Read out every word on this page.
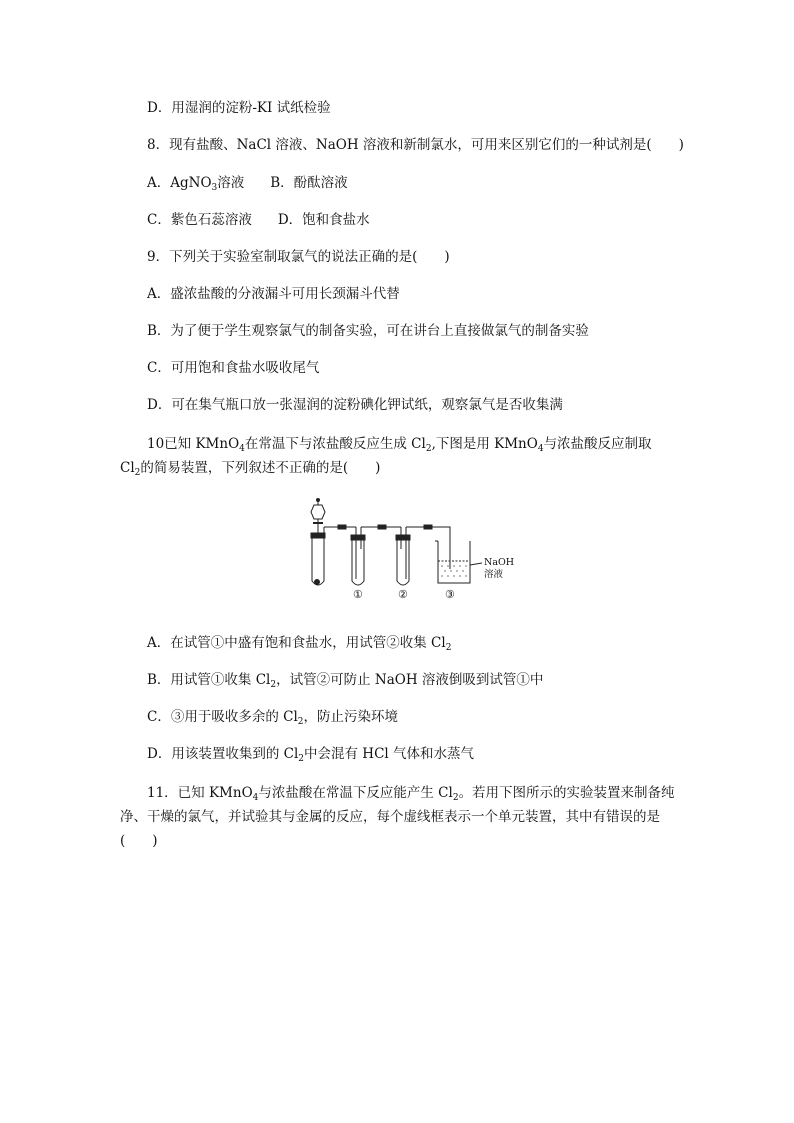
D．用湿润的淀粉-KI 试纸检验
8．现有盐酸、NaCl 溶液、NaOH 溶液和新制氯水，可用来区别它们的一种试剂是(　　)
A．AgNO$_3$溶液 B．酚酞溶液
C．紫色石蕊溶液 D．饱和食盐水
9．下列关于实验室制取氯气的说法正确的是(　　)
A．盛浓盐酸的分液漏斗可用长颈漏斗代替
B．为了便于学生观察氯气的制备实验，可在讲台上直接做氯气的制备实验
C．可用饱和食盐水吸收尾气
D．可在集气瓶口放一张湿润的淀粉碘化钾试纸，观察氯气是否收集满
10已知 KMnO$_4$在常温下与浓盐酸反应生成 $Cl_2$,下图是用 KMnO$_4$与浓盐酸反应制取 $Cl_2$的简易装置，下列叙述不正确的是(　　)
①	②	③
NaOH
溶液
A．在试管①中盛有饱和食盐水，用试管②收集 $Cl_2$
B．用试管①收集 $Cl_2$，试管②可防止 NaOH 溶液倒吸到试管①中
C．③用于吸收多余的 $Cl_2$，防止污染环境
D．用该装置收集到的 $Cl_2$中会混有 HCl 气体和水蒸气
11．已知 KMnO$_4$与浓盐酸在常温下反应能产生 $Cl_2$。若用下图所示的实验装置来制备纯净、干燥的氯气，并试验其与金属的反应，每个虚线框表示一个单元装置，其中有错误的是(　　)
